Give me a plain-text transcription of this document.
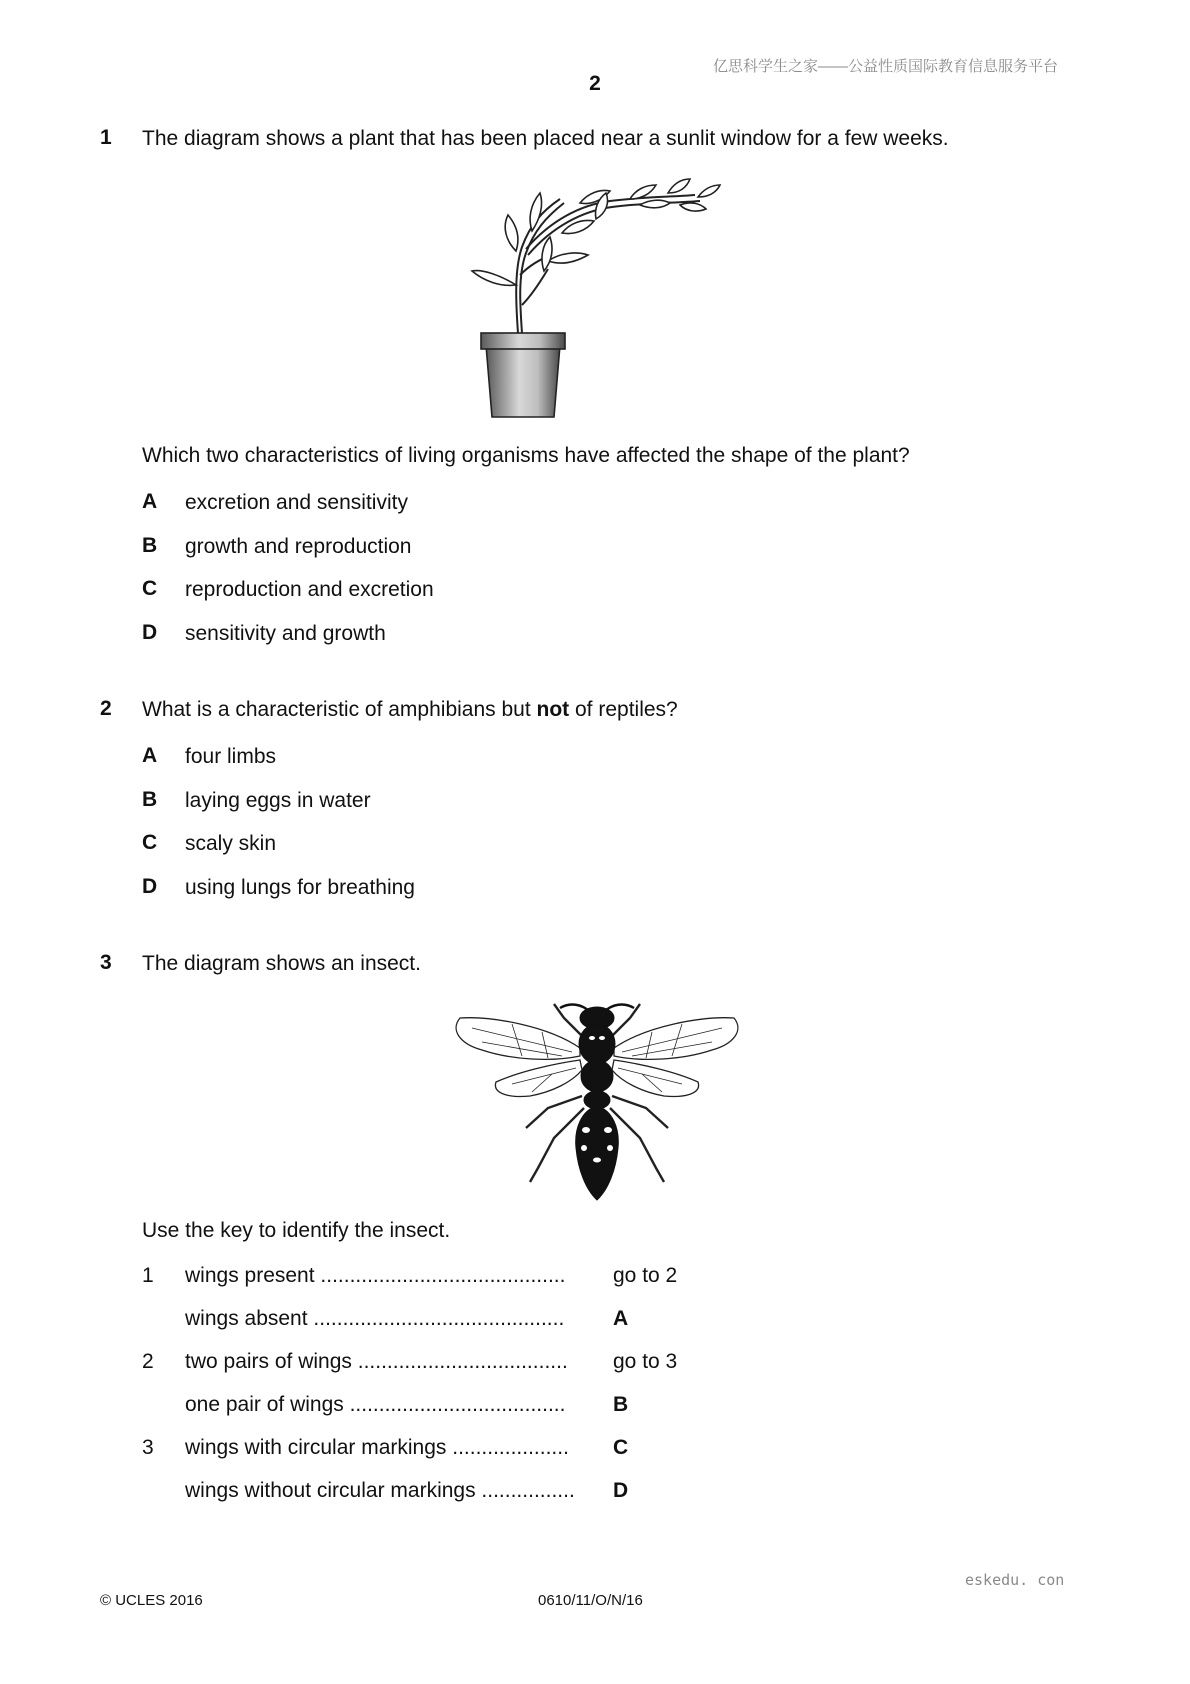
亿思科学生之家——公益性质国际教育信息服务平台
2
1 The diagram shows a plant that has been placed near a sunlit window for a few weeks.
Which two characteristics of living organisms have affected the shape of the plant?
A excretion and sensitivity
B growth and reproduction
C reproduction and excretion
D sensitivity and growth
2 What is a characteristic of amphibians but not of reptiles?
A four limbs
B laying eggs in water
C scaly skin
D using lungs for breathing
3 The diagram shows an insect.
Use the key to identify the insect.
1 wings present ..........................................	go to 2
wings absent ...........................................	A
2 two pairs of wings ....................................	go to 3
one pair of wings .....................................	B
3 wings with circular markings ....................	C
wings without circular markings ................	D
eskedu. con
© UCLES 2016	0610/11/O/N/16
